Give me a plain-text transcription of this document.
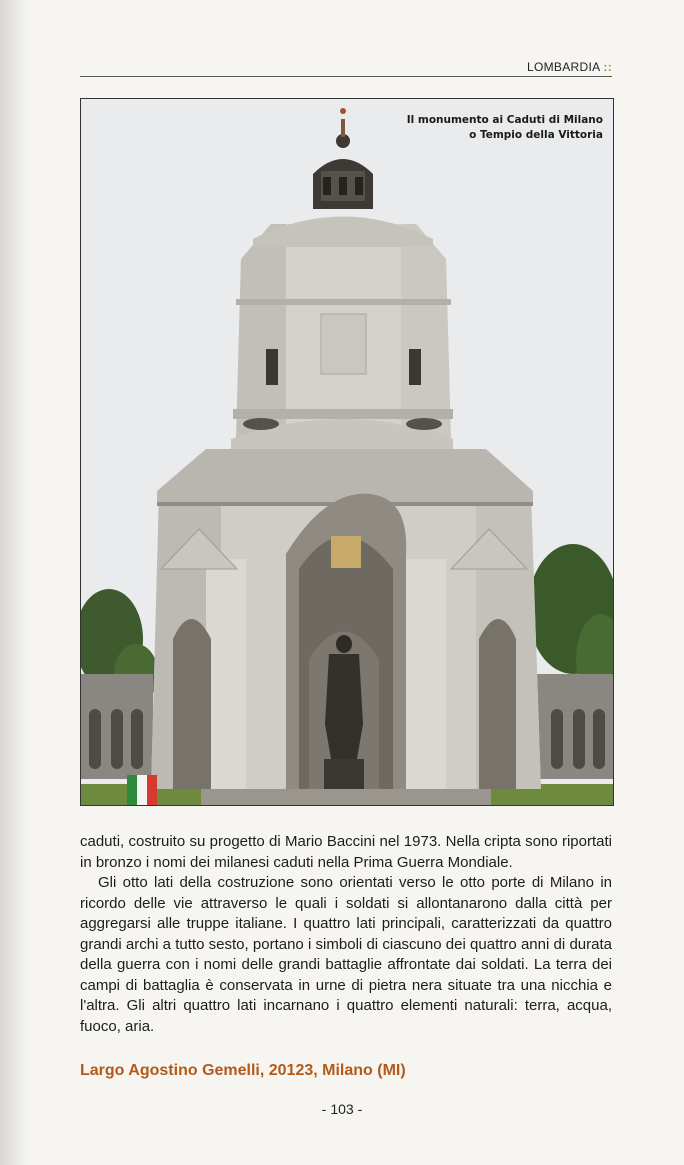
LOMBARDIA ::
Il monumento ai Caduti di Milano
o Tempio della Vittoria

caduti, costruito su progetto di Mario Baccini nel 1973. Nella cripta sono riportati in bronzo i nomi dei milanesi caduti nella Prima Guerra Mondiale.

Gli otto lati della costruzione sono orientati verso le otto porte di Milano in ricordo delle vie attraverso le quali i soldati si allontanarono dalla città per aggregarsi alle truppe italiane. I quattro lati principali, caratterizzati da quattro grandi archi a tutto sesto, portano i simboli di ciascuno dei quattro anni di durata della guerra con i nomi delle grandi battaglie affrontate dai soldati. La terra dei campi di battaglia è conservata in urne di pietra nera situate tra una nicchia e l'altra. Gli altri quattro lati incarnano i quattro elementi naturali: terra, acqua, fuoco, aria.

Largo Agostino Gemelli, 20123, Milano (MI)
- 103 -
